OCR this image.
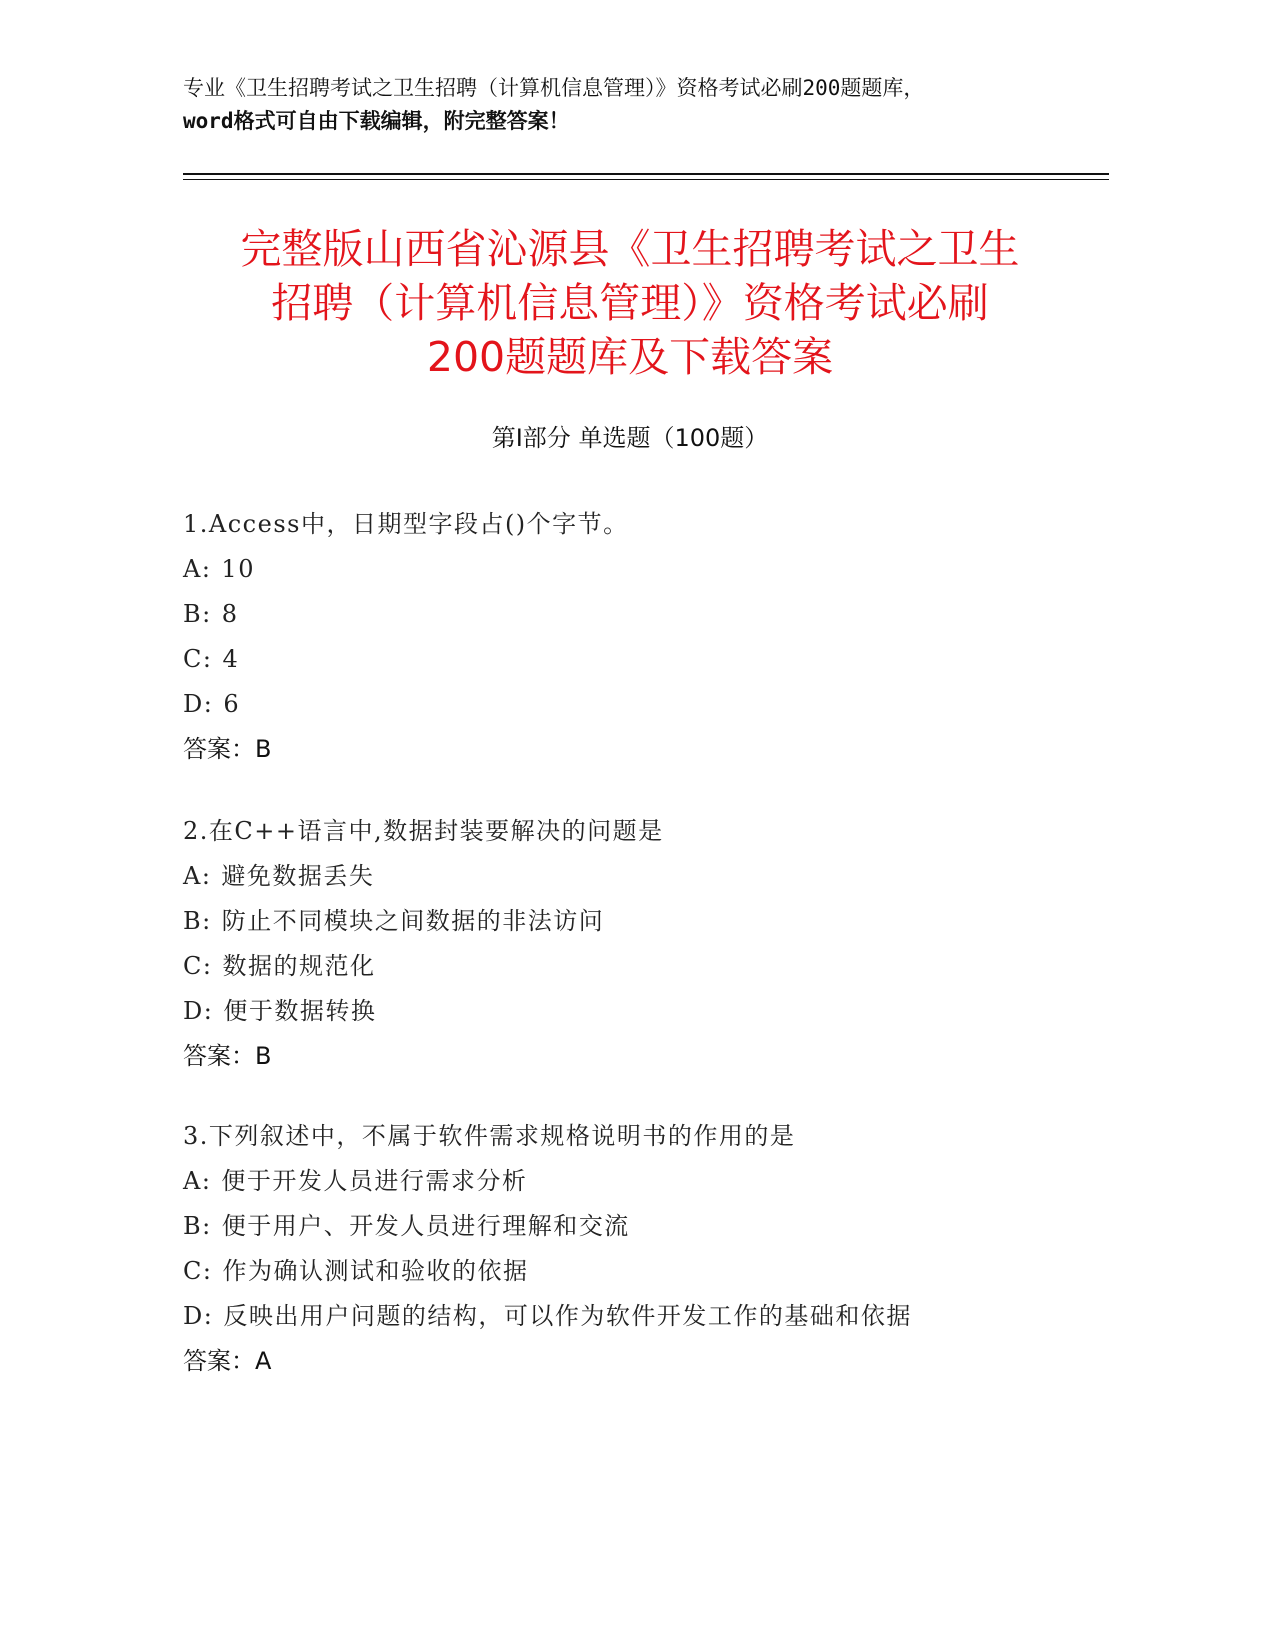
专业《卫生招聘考试之卫生招聘（计算机信息管理）》资格考试必刷200题题库，
word格式可自由下载编辑，附完整答案！
完整版山西省沁源县《卫生招聘考试之卫生
招聘（计算机信息管理）》资格考试必刷
200题题库及下载答案
第Ⅰ部分 单选题（100题）
1.Access中，日期型字段占()个字节。
A: 10
B: 8
C: 4
D: 6
答案：B
2.在C++语言中,数据封装要解决的问题是
A: 避免数据丢失
B: 防止不同模块之间数据的非法访问
C: 数据的规范化
D: 便于数据转换
答案：B
3.下列叙述中，不属于软件需求规格说明书的作用的是
A: 便于开发人员进行需求分析
B: 便于用户、开发人员进行理解和交流
C: 作为确认测试和验收的依据
D: 反映出用户问题的结构，可以作为软件开发工作的基础和依据
答案：A
